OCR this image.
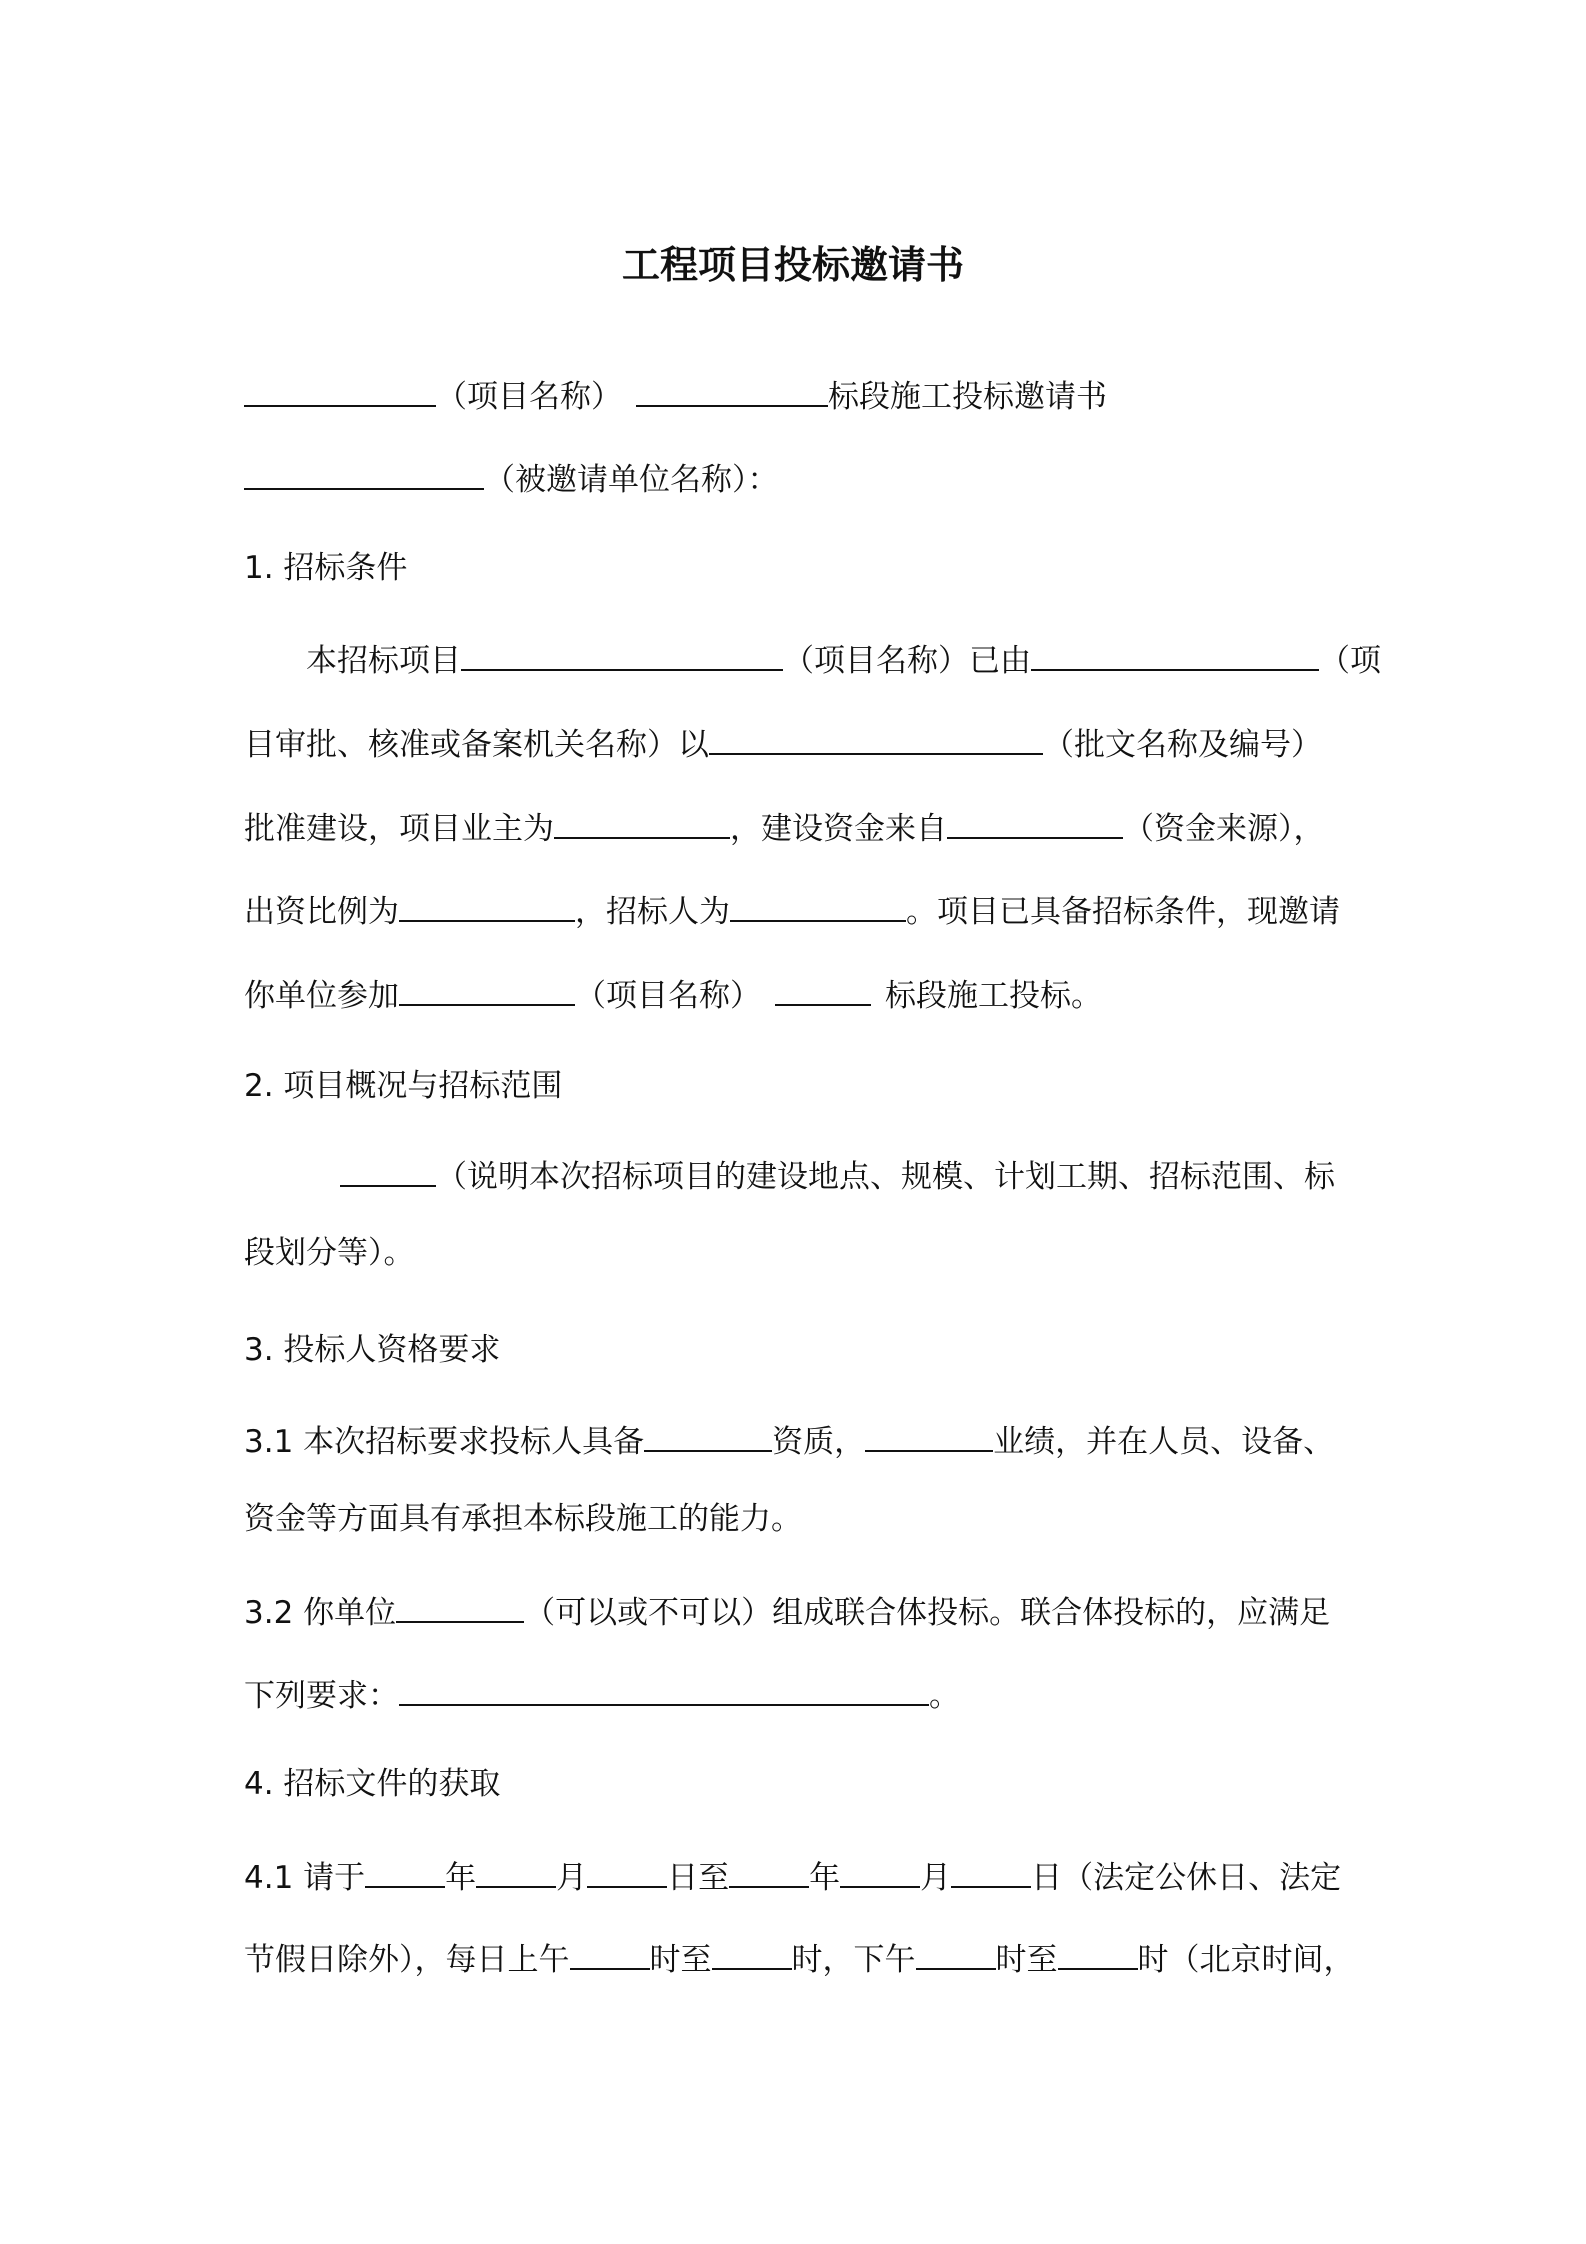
工程项目投标邀请书
（项目名称）	标段施工投标邀请书
（被邀请单位名称）：
1. 招标条件
本招标项目	（项目名称）已由	（项
目审批、核准或备案机关名称）以	（批文名称及编号）
批准建设，项目业主为	，建设资金来自	（资金来源），
出资比例为	，招标人为	。项目已具备招标条件，现邀请
你单位参加	（项目名称）	标段施工投标。
2. 项目概况与招标范围
（说明本次招标项目的建设地点、规模、计划工期、招标范围、标
段划分等）。
3. 投标人资格要求
3.1 本次招标要求投标人具备	资质，	业绩，并在人员、设备、
资金等方面具有承担本标段施工的能力。
3.2 你单位	（可以或不可以）组成联合体投标。联合体投标的，应满足
下列要求：	。
4. 招标文件的获取
4.1 请于	年	月	日至	年	月	日（法定公休日、法定
节假日除外），每日上午	时至	时，下午	时至	时（北京时间，
